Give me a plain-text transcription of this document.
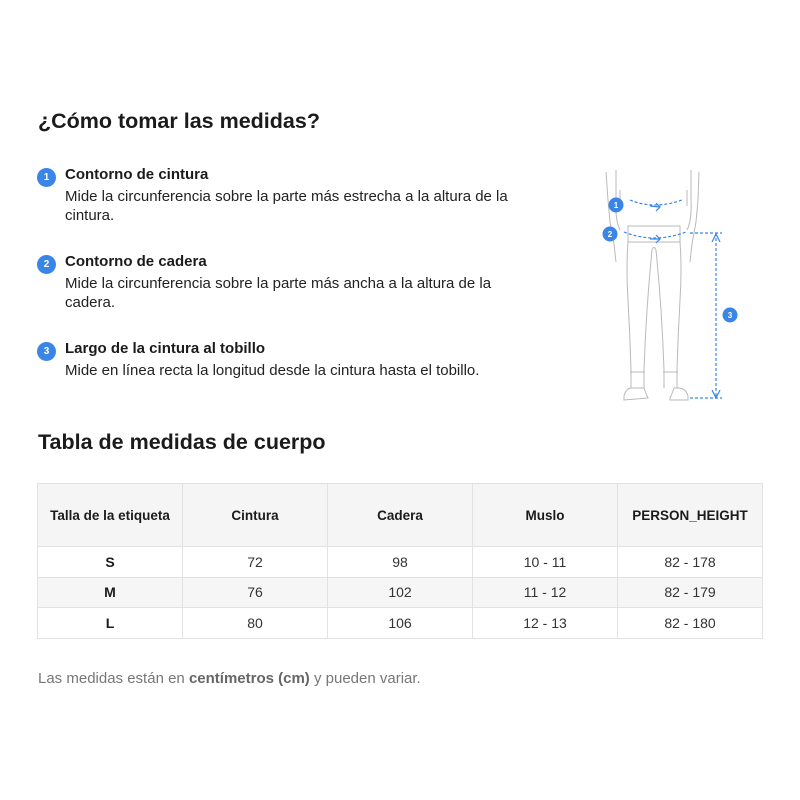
¿Cómo tomar las medidas?
1	Contorno de cintura
Mide la circunferencia sobre la parte más estrecha a la altura de la cintura.
2	Contorno de cadera
Mide la circunferencia sobre la parte más ancha a la altura de la cadera.
3	Largo de la cintura al tobillo
Mide en línea recta la longitud desde la cintura hasta el tobillo.
1
2
3
Tabla de medidas de cuerpo
Talla de la etiqueta	Cintura	Cadera	Muslo	PERSON_HEIGHT
S	72	98	10 - 11	82 - 178
M	76	102	11 - 12	82 - 179
L	80	106	12 - 13	82 - 180
Las medidas están en centímetros (cm) y pueden variar.
